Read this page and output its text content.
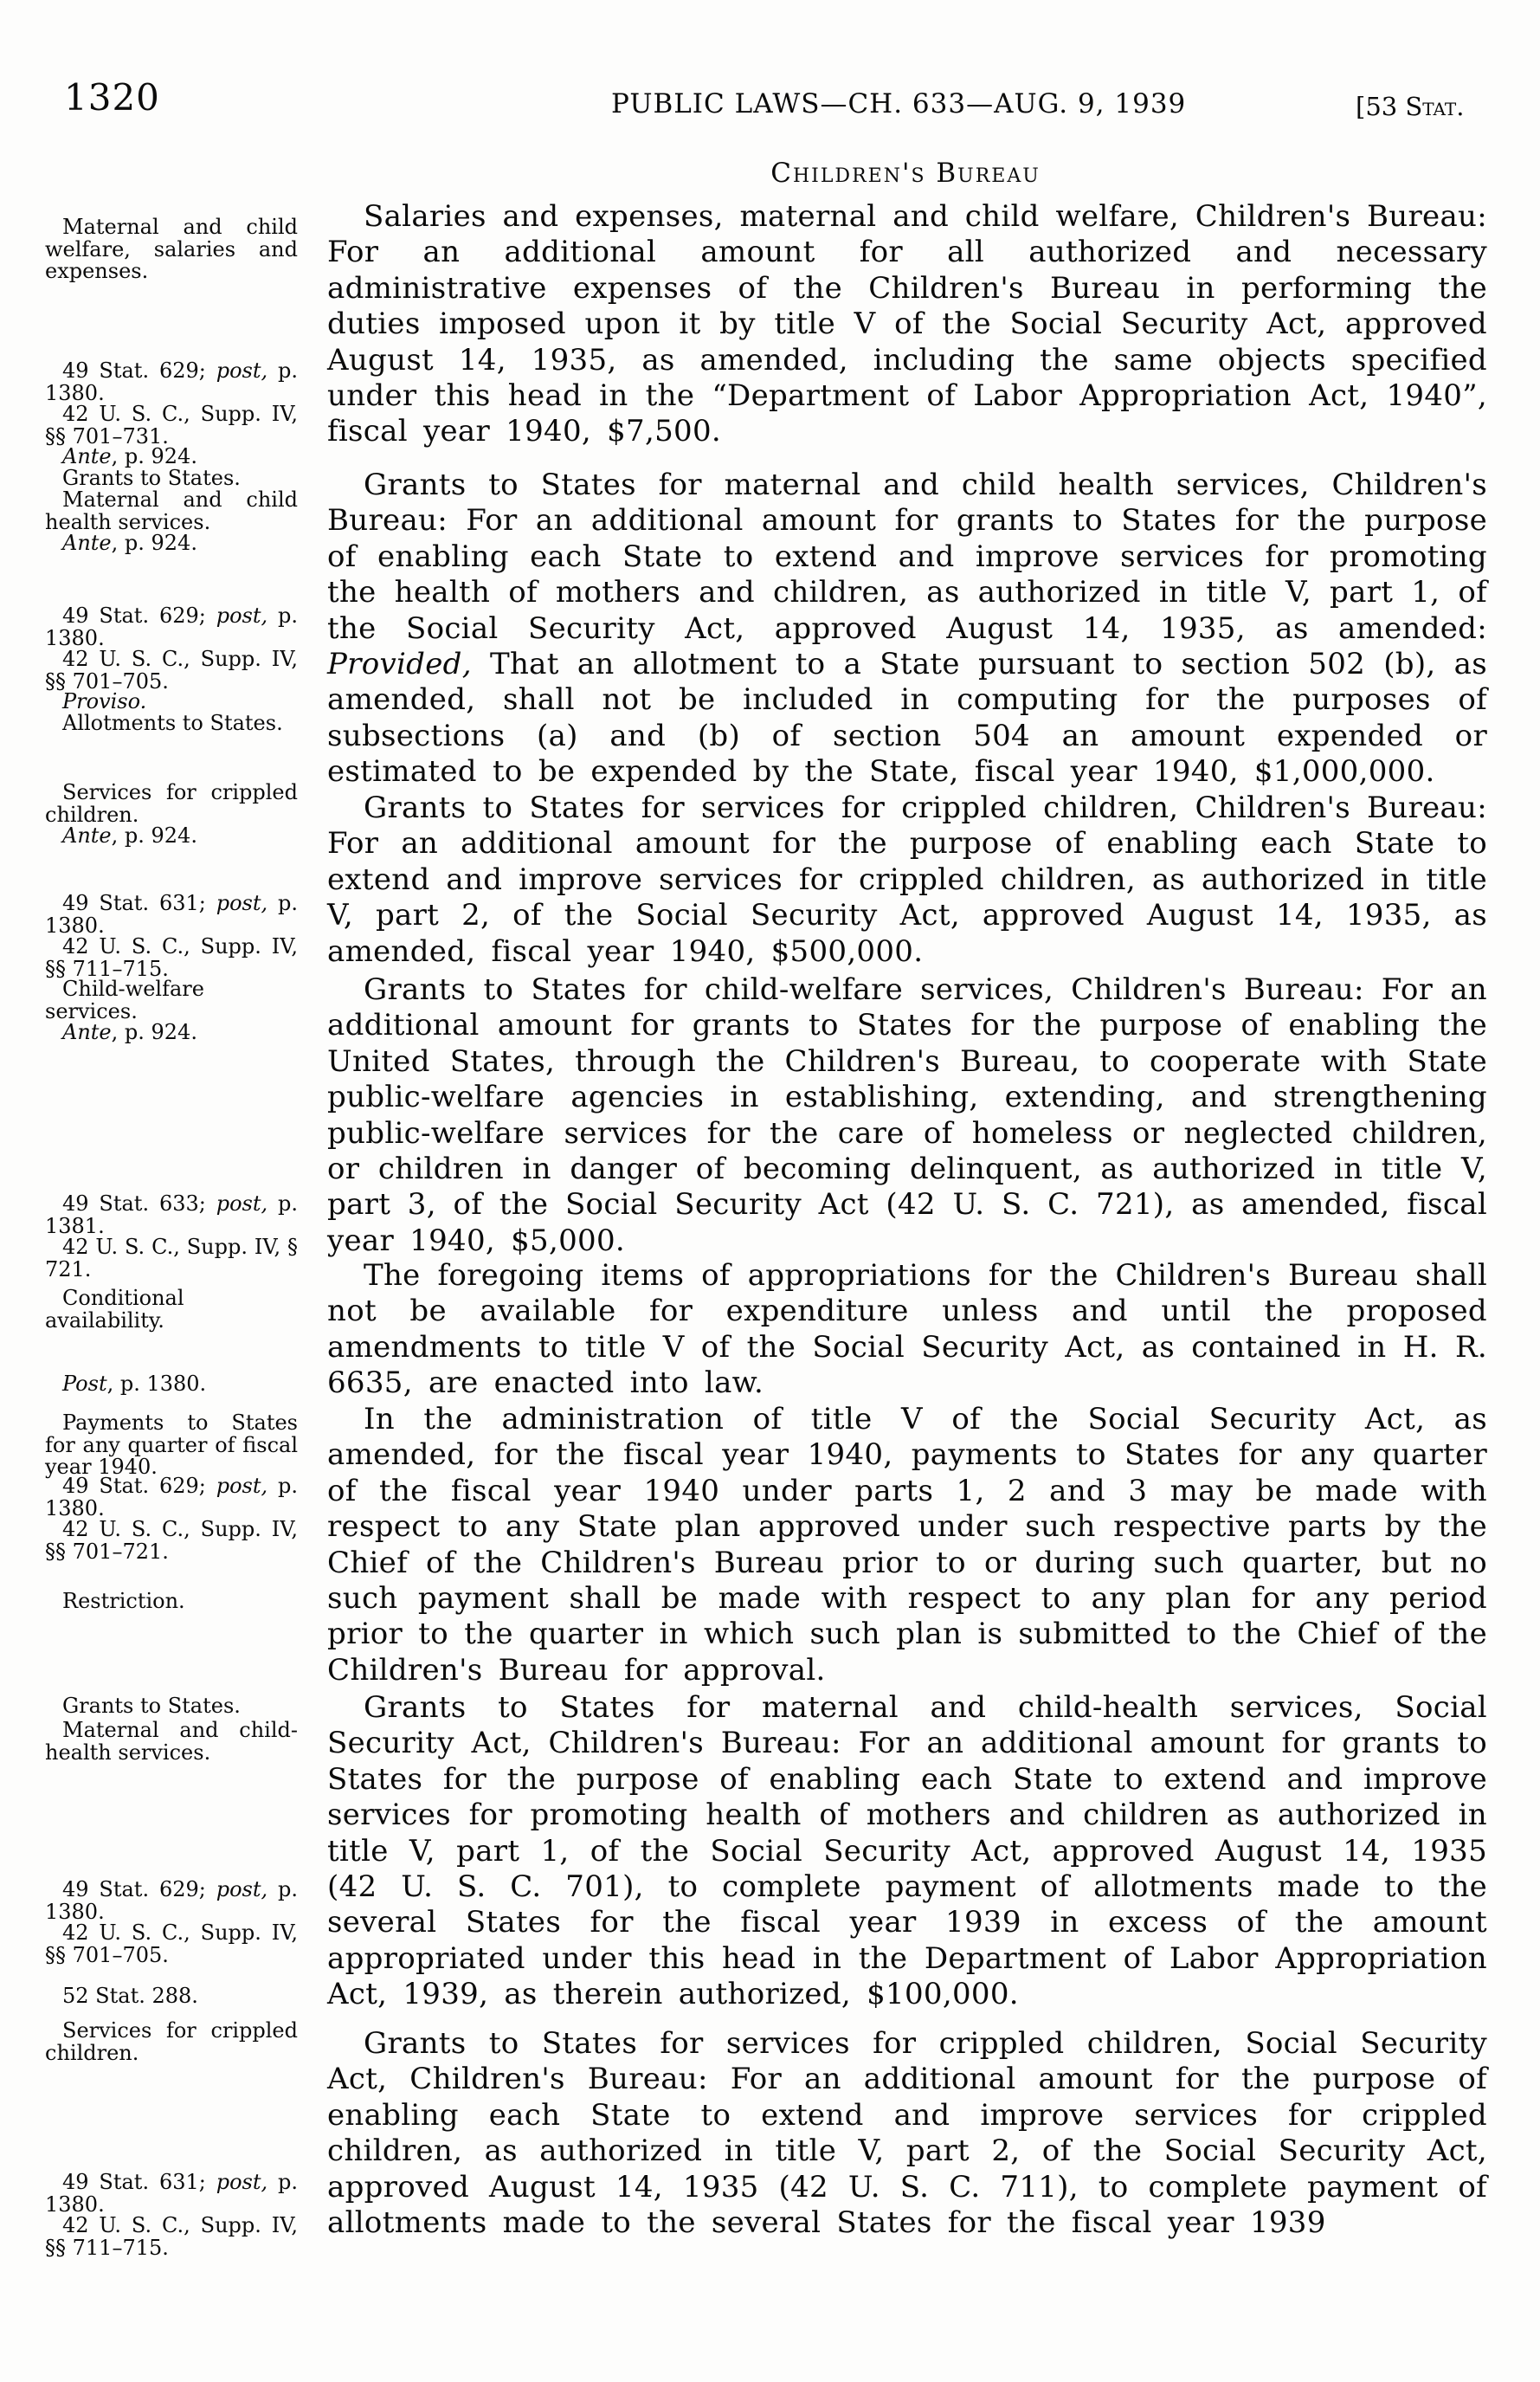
1320	PUBLIC LAWS—CH. 633—AUG. 9, 1939	[53 Stat.
Children's Bureau
Maternal and child welfare, salaries and expenses.
49 Stat. 629; post, p. 1380.
42 U. S. C., Supp. IV, §§ 701–731.
Ante, p. 924.
Grants to States.
Maternal and child health services.
Ante, p. 924.
49 Stat. 629; post, p. 1380.
42 U. S. C., Supp. IV, §§ 701–705.
Proviso.
Allotments to States.
Services for crippled children.
Ante, p. 924.
49 Stat. 631; post, p. 1380.
42 U. S. C., Supp. IV, §§ 711–715.
Child-welfare services.
Ante, p. 924.
49 Stat. 633; post, p. 1381.
42 U. S. C., Supp. IV, § 721.
Conditional availability.
Post, p. 1380.
Payments to States for any quarter of fiscal year 1940.
49 Stat. 629; post, p. 1380.
42 U. S. C., Supp. IV, §§ 701–721.
Restriction.
Grants to States.
Maternal and child-health services.
49 Stat. 629; post, p. 1380.
42 U. S. C., Supp. IV, §§ 701–705.
52 Stat. 288.
Services for crippled children.
49 Stat. 631; post, p. 1380.
42 U. S. C., Supp. IV, §§ 711–715.

Salaries and expenses, maternal and child welfare, Children's Bureau: For an additional amount for all authorized and necessary administrative expenses of the Children's Bureau in performing the duties imposed upon it by title V of the Social Security Act, approved August 14, 1935, as amended, including the same objects specified under this head in the “Department of Labor Appropriation Act, 1940”, fiscal year 1940, $7,500.

Grants to States for maternal and child health services, Children's Bureau: For an additional amount for grants to States for the purpose of enabling each State to extend and improve services for promoting the health of mothers and children, as authorized in title V, part 1, of the Social Security Act, approved August 14, 1935, as amended: Provided, That an allotment to a State pursuant to section 502 (b), as amended, shall not be included in computing for the purposes of subsections (a) and (b) of section 504 an amount expended or estimated to be expended by the State, fiscal year 1940, $1,000,000.

Grants to States for services for crippled children, Children's Bureau: For an additional amount for the purpose of enabling each State to extend and improve services for crippled children, as authorized in title V, part 2, of the Social Security Act, approved August 14, 1935, as amended, fiscal year 1940, $500,000.

Grants to States for child-welfare services, Children's Bureau: For an additional amount for grants to States for the purpose of enabling the United States, through the Children's Bureau, to cooperate with State public-welfare agencies in establishing, extending, and strengthening public-welfare services for the care of homeless or neglected children, or children in danger of becoming delinquent, as authorized in title V, part 3, of the Social Security Act (42 U. S. C. 721), as amended, fiscal year 1940, $5,000.

The foregoing items of appropriations for the Children's Bureau shall not be available for expenditure unless and until the proposed amendments to title V of the Social Security Act, as contained in H. R. 6635, are enacted into law.

In the administration of title V of the Social Security Act, as amended, for the fiscal year 1940, payments to States for any quarter of the fiscal year 1940 under parts 1, 2 and 3 may be made with respect to any State plan approved under such respective parts by the Chief of the Children's Bureau prior to or during such quarter, but no such payment shall be made with respect to any plan for any period prior to the quarter in which such plan is submitted to the Chief of the Children's Bureau for approval.

Grants to States for maternal and child-health services, Social Security Act, Children's Bureau: For an additional amount for grants to States for the purpose of enabling each State to extend and improve services for promoting health of mothers and children as authorized in title V, part 1, of the Social Security Act, approved August 14, 1935 (42 U. S. C. 701), to complete payment of allotments made to the several States for the fiscal year 1939 in excess of the amount appropriated under this head in the Department of Labor Appropriation Act, 1939, as therein authorized, $100,000.

Grants to States for services for crippled children, Social Security Act, Children's Bureau: For an additional amount for the purpose of enabling each State to extend and improve services for crippled children, as authorized in title V, part 2, of the Social Security Act, approved August 14, 1935 (42 U. S. C. 711), to complete payment of allotments made to the several States for the fiscal year 1939
